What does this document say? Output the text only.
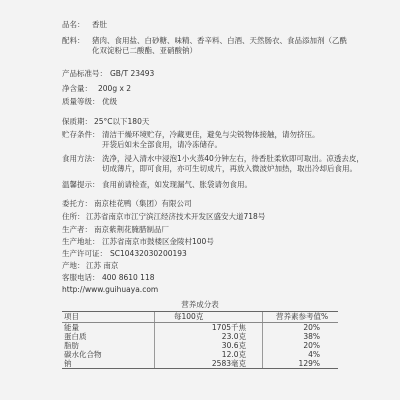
品名： 香肚
配料： 猪肉、食用盐、白砂糖、味精、香辛料、白酒、天然肠衣、食品添加剂（乙酰
化双淀粉已二酸酯、亚硝酸钠）
产品标准号： GB/T 23493
净含量： 200g x 2
质量等级： 优级
保质期： 25°C以下180天
贮存条件： 清洁干燥环境贮存，冷藏更佳，避免与尖锐物体接触，请勿挤压。
开袋后如未全部食用，请冷冻储存。
食用方法： 洗净，浸入清水中浸泡1小火蒸40分钟左右，待香肚柔软即可取出。凉透去皮，
切成薄片，即可食用，亦可生切成片，再放入微波炉加热，取出冷却后食用。
温馨提示： 食用前请检查，如发现漏气、胀袋请勿食用。
委托方： 南京桂花鸭（集团）有限公司
住所： 江苏省南京市江宁滨江经济技术开发区盛安大道718号
生产者： 南京紫荆花腌腊制品厂
生产地址： 江苏省南京市鼓楼区金陵村100号
生产许可证： SC10432030200193
产地： 江苏 南京
客服电话： 400 8610 118
http://www.guihuaya.com
营养成分表
项目	每100克	营养素参考值%
能量	1705千焦	20%
蛋白质	23.0克	38%
脂肪	30.6克	20%
碳水化合物	12.0克	4%
钠	2583毫克	129%
